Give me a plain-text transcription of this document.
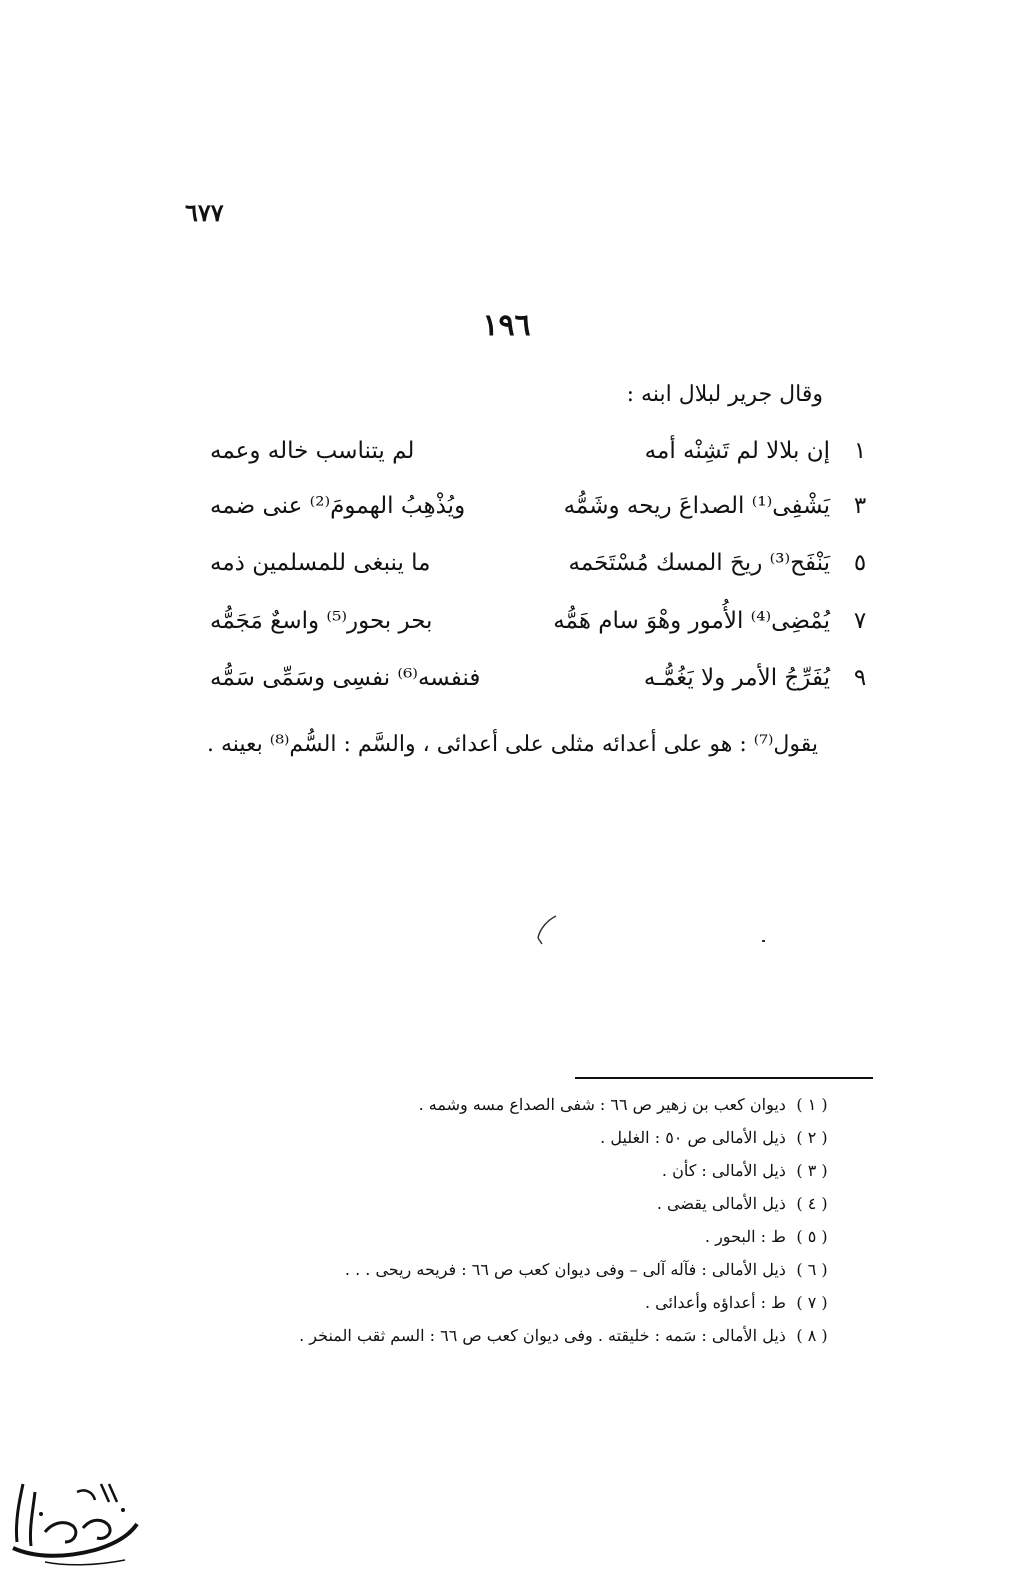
٦٧٧
١٩٦
وقال جرير لبلال ابنه :
١
إن بلالا لم تَشِنْه أمه
لم يتناسب خاله وعمه
٣
يَشْفِى⁽¹⁾ الصداعَ ريحه وشَمُّه
ويُذْهِبُ الهمومَ⁽²⁾ عنى ضمه
٥
يَنْفَح⁽³⁾ ريحَ المسك مُسْتَحَمه
ما ينبغى للمسلمين ذمه
٧
يُمْضِى⁽⁴⁾ الأُمور وهْوَ سام هَمُّه
بحر بحور⁽⁵⁾ واسعٌ مَجَمُّه
٩
يُفَرِّجُ الأمر ولا يَغُمُّـه
فنفسه⁽⁶⁾ نفسِى وسَمِّى سَمُّه
يقول⁽⁷⁾ : هو على أعدائه مثلى على أعدائى ، والسَّم : السُّم⁽⁸⁾ بعينه .
( ١ ) ديوان كعب بن زهير ص ٦٦ : شفى الصداع مسه وشمه .
( ٢ ) ذيل الأمالى ص ٥٠ : الغليل .
( ٣ ) ذيل الأمالى : كأن .
( ٤ ) ذيل الأمالى يقضى .
( ٥ ) ط : البحور .
( ٦ ) ذيل الأمالى : فآله آلى – وفى ديوان كعب ص ٦٦ : فريحه ريحى . . .
( ٧ ) ط : أعداؤه وأعدائى .
( ٨ ) ذيل الأمالى : سَمه : خليقته . وفى ديوان كعب ص ٦٦ : السم ثقب المنخر .
